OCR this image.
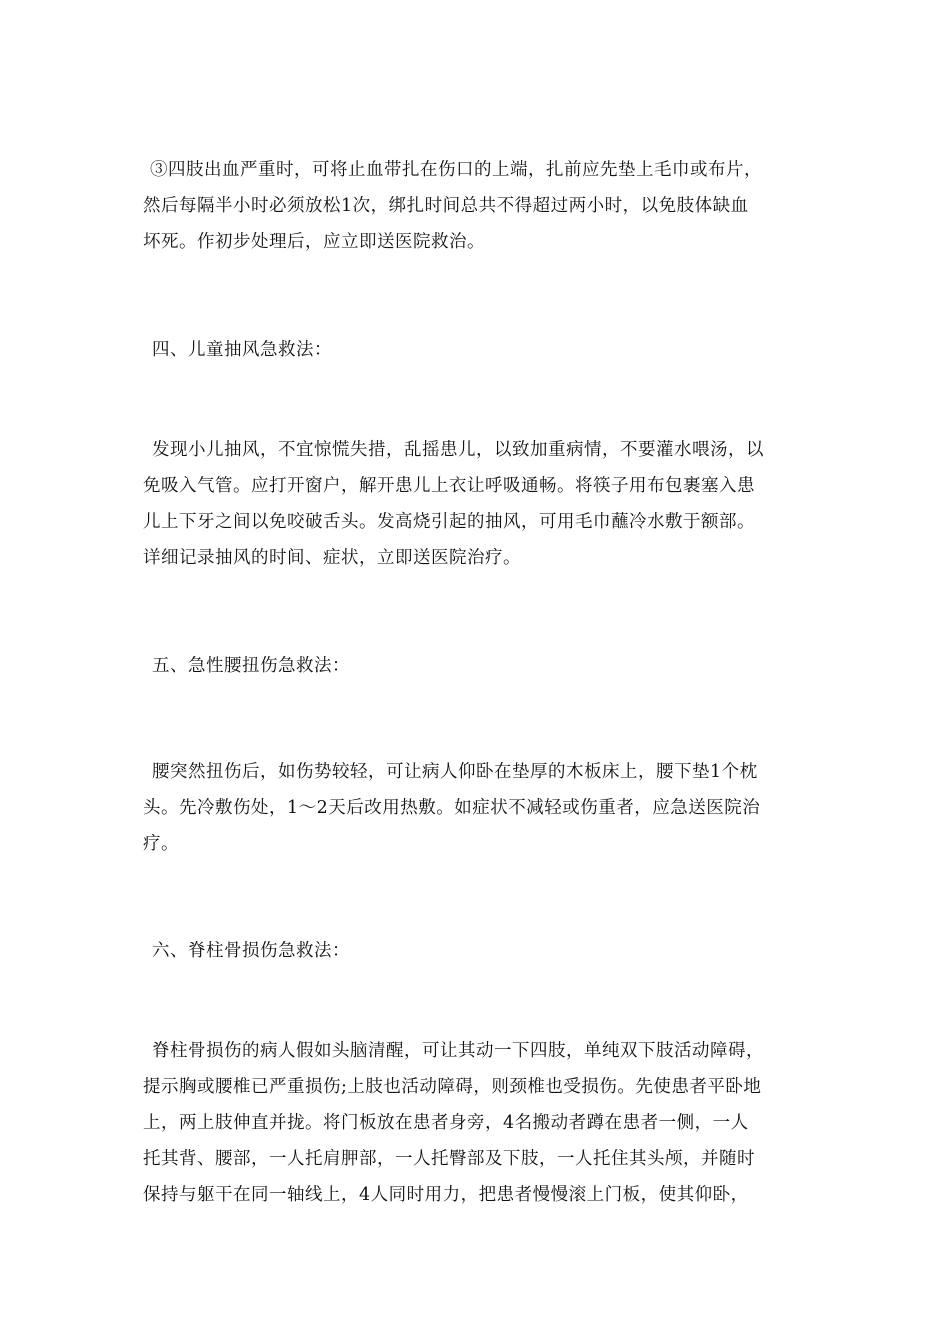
③四肢出血严重时，可将止血带扎在伤口的上端，扎前应先垫上毛巾或布片，
然后每隔半小时必须放松1次，绑扎时间总共不得超过两小时，以免肢体缺血
坏死。作初步处理后，应立即送医院救治。
四、儿童抽风急救法：
发现小儿抽风，不宜惊慌失措，乱摇患儿，以致加重病情，不要灌水喂汤，以
免吸入气管。应打开窗户，解开患儿上衣让呼吸通畅。将筷子用布包裹塞入患
儿上下牙之间以免咬破舌头。发高烧引起的抽风，可用毛巾蘸冷水敷于额部。
详细记录抽风的时间、症状，立即送医院治疗。
五、急性腰扭伤急救法：
腰突然扭伤后，如伤势较轻，可让病人仰卧在垫厚的木板床上，腰下垫1个枕
头。先冷敷伤处，1～2天后改用热敷。如症状不减轻或伤重者，应急送医院治
疗。
六、脊柱骨损伤急救法：
脊柱骨损伤的病人假如头脑清醒，可让其动一下四肢，单纯双下肢活动障碍，
提示胸或腰椎已严重损伤;上肢也活动障碍，则颈椎也受损伤。先使患者平卧地
上，两上肢伸直并拢。将门板放在患者身旁，4名搬动者蹲在患者一侧，一人
托其背、腰部，一人托肩胛部，一人托臀部及下肢，一人托住其头颅，并随时
保持与躯干在同一轴线上，4人同时用力，把患者慢慢滚上门板，使其仰卧，
